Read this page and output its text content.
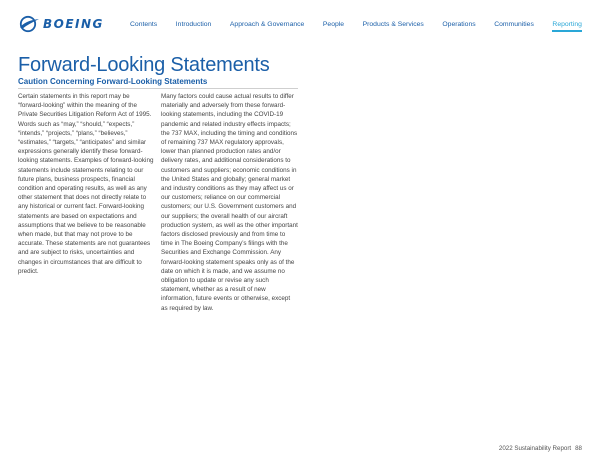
BOEING	Contents	Introduction	Approach & Governance	People	Products & Services	Operations	Communities	Reporting
Forward-Looking Statements
Caution Concerning Forward-Looking Statements

Certain statements in this report may be “forward-looking” within the meaning of the Private Securities Litigation Reform Act of 1995. Words such as “may,” “should,” “expects,” “intends,” “projects,” “plans,” “believes,” “estimates,” “targets,” “anticipates” and similar expressions generally identify these forward-looking statements. Examples of forward-looking statements include statements relating to our future plans, business prospects, financial condition and operating results, as well as any other statement that does not directly relate to any historical or current fact. Forward-looking statements are based on expectations and assumptions that we believe to be reasonable when made, but that may not prove to be accurate. These statements are not guarantees and are subject to risks, uncertainties and changes in circumstances that are difficult to predict.

Many factors could cause actual results to differ materially and adversely from these forward-looking statements, including the COVID-19 pandemic and related industry effects impacts; the 737 MAX, including the timing and conditions of remaining 737 MAX regulatory approvals, lower than planned production rates and/or delivery rates, and additional considerations to customers and suppliers; economic conditions in the United States and globally; general market and industry conditions as they may affect us or our customers; reliance on our commercial customers; our U.S. Government customers and our suppliers; the overall health of our aircraft production system, as well as the other important factors disclosed previously and from time to time in The Boeing Company’s filings with the Securities and Exchange Commission. Any forward-looking statement speaks only as of the date on which it is made, and we assume no obligation to update or revise any such statement, whether as a result of new information, future events or otherwise, except as required by law.

2022 Sustainability Report 88
